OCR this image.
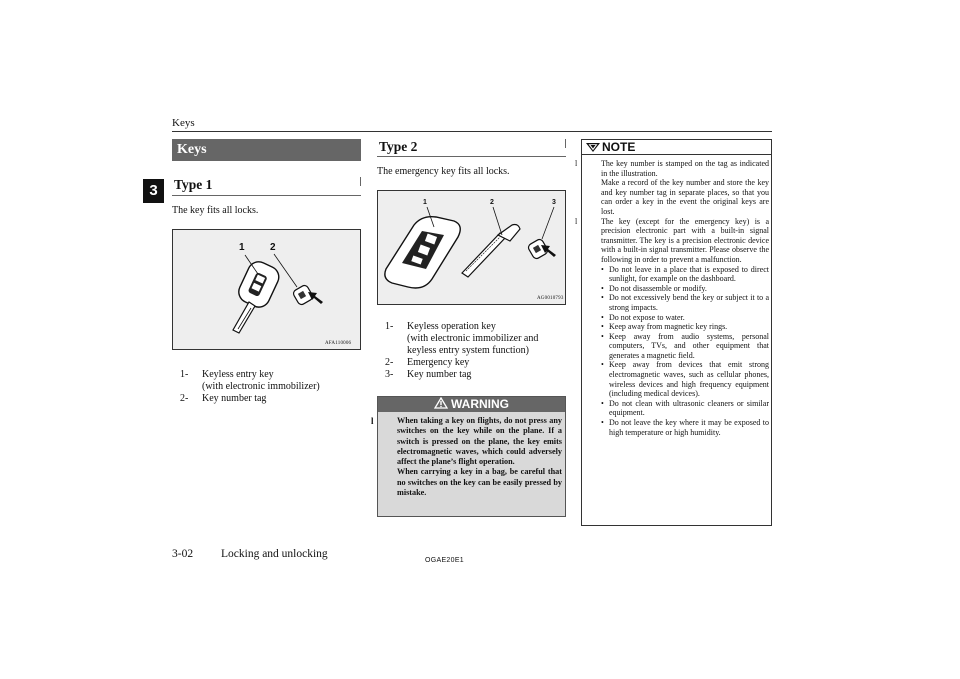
Keys
3
Keys
Type 1
The key fits all locks.
1	2
AFA110006
1-	Keyless entry key
(with electronic immobilizer)
2-	Key number tag
Type 2
The emergency key fits all locks.
1	2	3
AG0010793
1-	Keyless operation key
(with electronic immobilizer and keyless entry system function)
2-	Emergency key
3-	Key number tag
WARNING
l	When taking a key on flights, do not press any switches on the key while on the plane. If a switch is pressed on the plane, the key emits electromagnetic waves, which could adversely affect the plane’s flight operation.
When carrying a key in a bag, be careful that no switches on the key can be easily pressed by mistake.
NOTE
l	The key number is stamped on the tag as indicated in the illustration.
Make a record of the key number and store the key and key number tag in separate places, so that you can order a key in the event the original keys are lost.
l	The key (except for the emergency key) is a precision electronic part with a built-in signal transmitter. The key is a precision electronic device with a built-in signal transmitter. Please observe the following in order to prevent a malfunction.
• Do not leave in a place that is exposed to direct sunlight, for example on the dashboard.
• Do not disassemble or modify.
• Do not excessively bend the key or subject it to a strong impacts.
• Do not expose to water.
• Keep away from magnetic key rings.
• Keep away from audio systems, personal computers, TVs, and other equipment that generates a magnetic field.
• Keep away from devices that emit strong electromagnetic waves, such as cellular phones, wireless devices and high frequency equipment (including medical devices).
• Do not clean with ultrasonic cleaners or similar equipment.
• Do not leave the key where it may be exposed to high temperature or high humidity.
3-02 Locking and unlocking
OGAE20E1
